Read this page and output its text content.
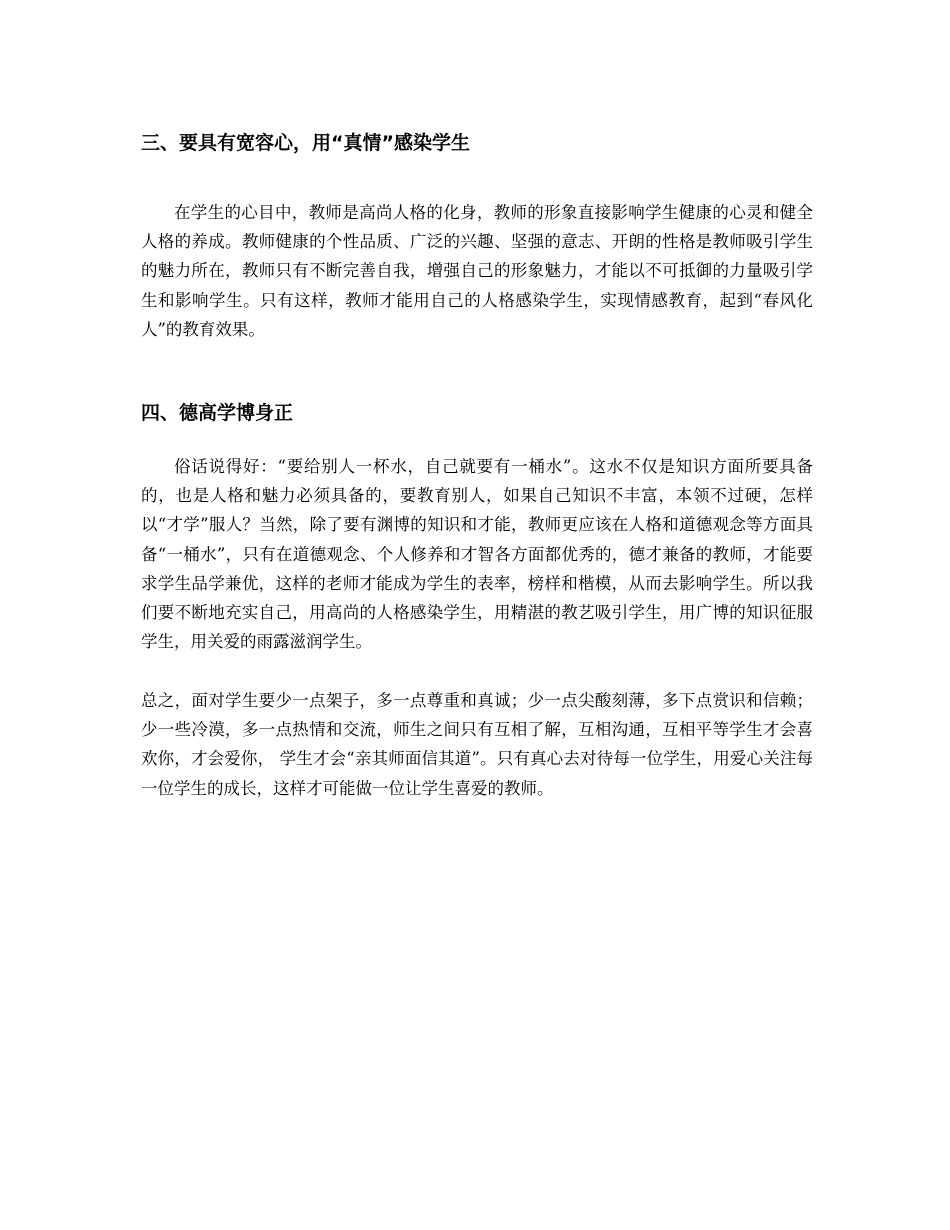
三、要具有宽容心，用“真情”感染学生

在学生的心目中，教师是高尚人格的化身，教师的形象直接影响学生健康的心灵和健全人格的养成。教师健康的个性品质、广泛的兴趣、坚强的意志、开朗的性格是教师吸引学生的魅力所在，教师只有不断完善自我，增强自己的形象魅力，才能以不可抵御的力量吸引学生和影响学生。只有这样，教师才能用自己的人格感染学生，实现情感教育，起到“春风化人”的教育效果。

四、德高学博身正

俗话说得好：“要给别人一杯水，自己就要有一桶水”。这水不仅是知识方面所要具备的，也是人格和魅力必须具备的，要教育别人，如果自己知识不丰富，本领不过硬，怎样以“才学”服人？当然，除了要有渊博的知识和才能，教师更应该在人格和道德观念等方面具备“一桶水”，只有在道德观念、个人修养和才智各方面都优秀的，德才兼备的教师，才能要求学生品学兼优，这样的老师才能成为学生的表率，榜样和楷模，从而去影响学生。所以我们要不断地充实自己，用高尚的人格感染学生，用精湛的教艺吸引学生，用广博的知识征服学生，用关爱的雨露滋润学生。

总之，面对学生要少一点架子，多一点尊重和真诚；少一点尖酸刻薄，多下点赏识和信赖；少一些冷漠，多一点热情和交流，师生之间只有互相了解，互相沟通，互相平等学生才会喜欢你，才会爱你， 学生才会“亲其师面信其道”。只有真心去对待每一位学生，用爱心关注每一位学生的成长，这样才可能做一位让学生喜爱的教师。
